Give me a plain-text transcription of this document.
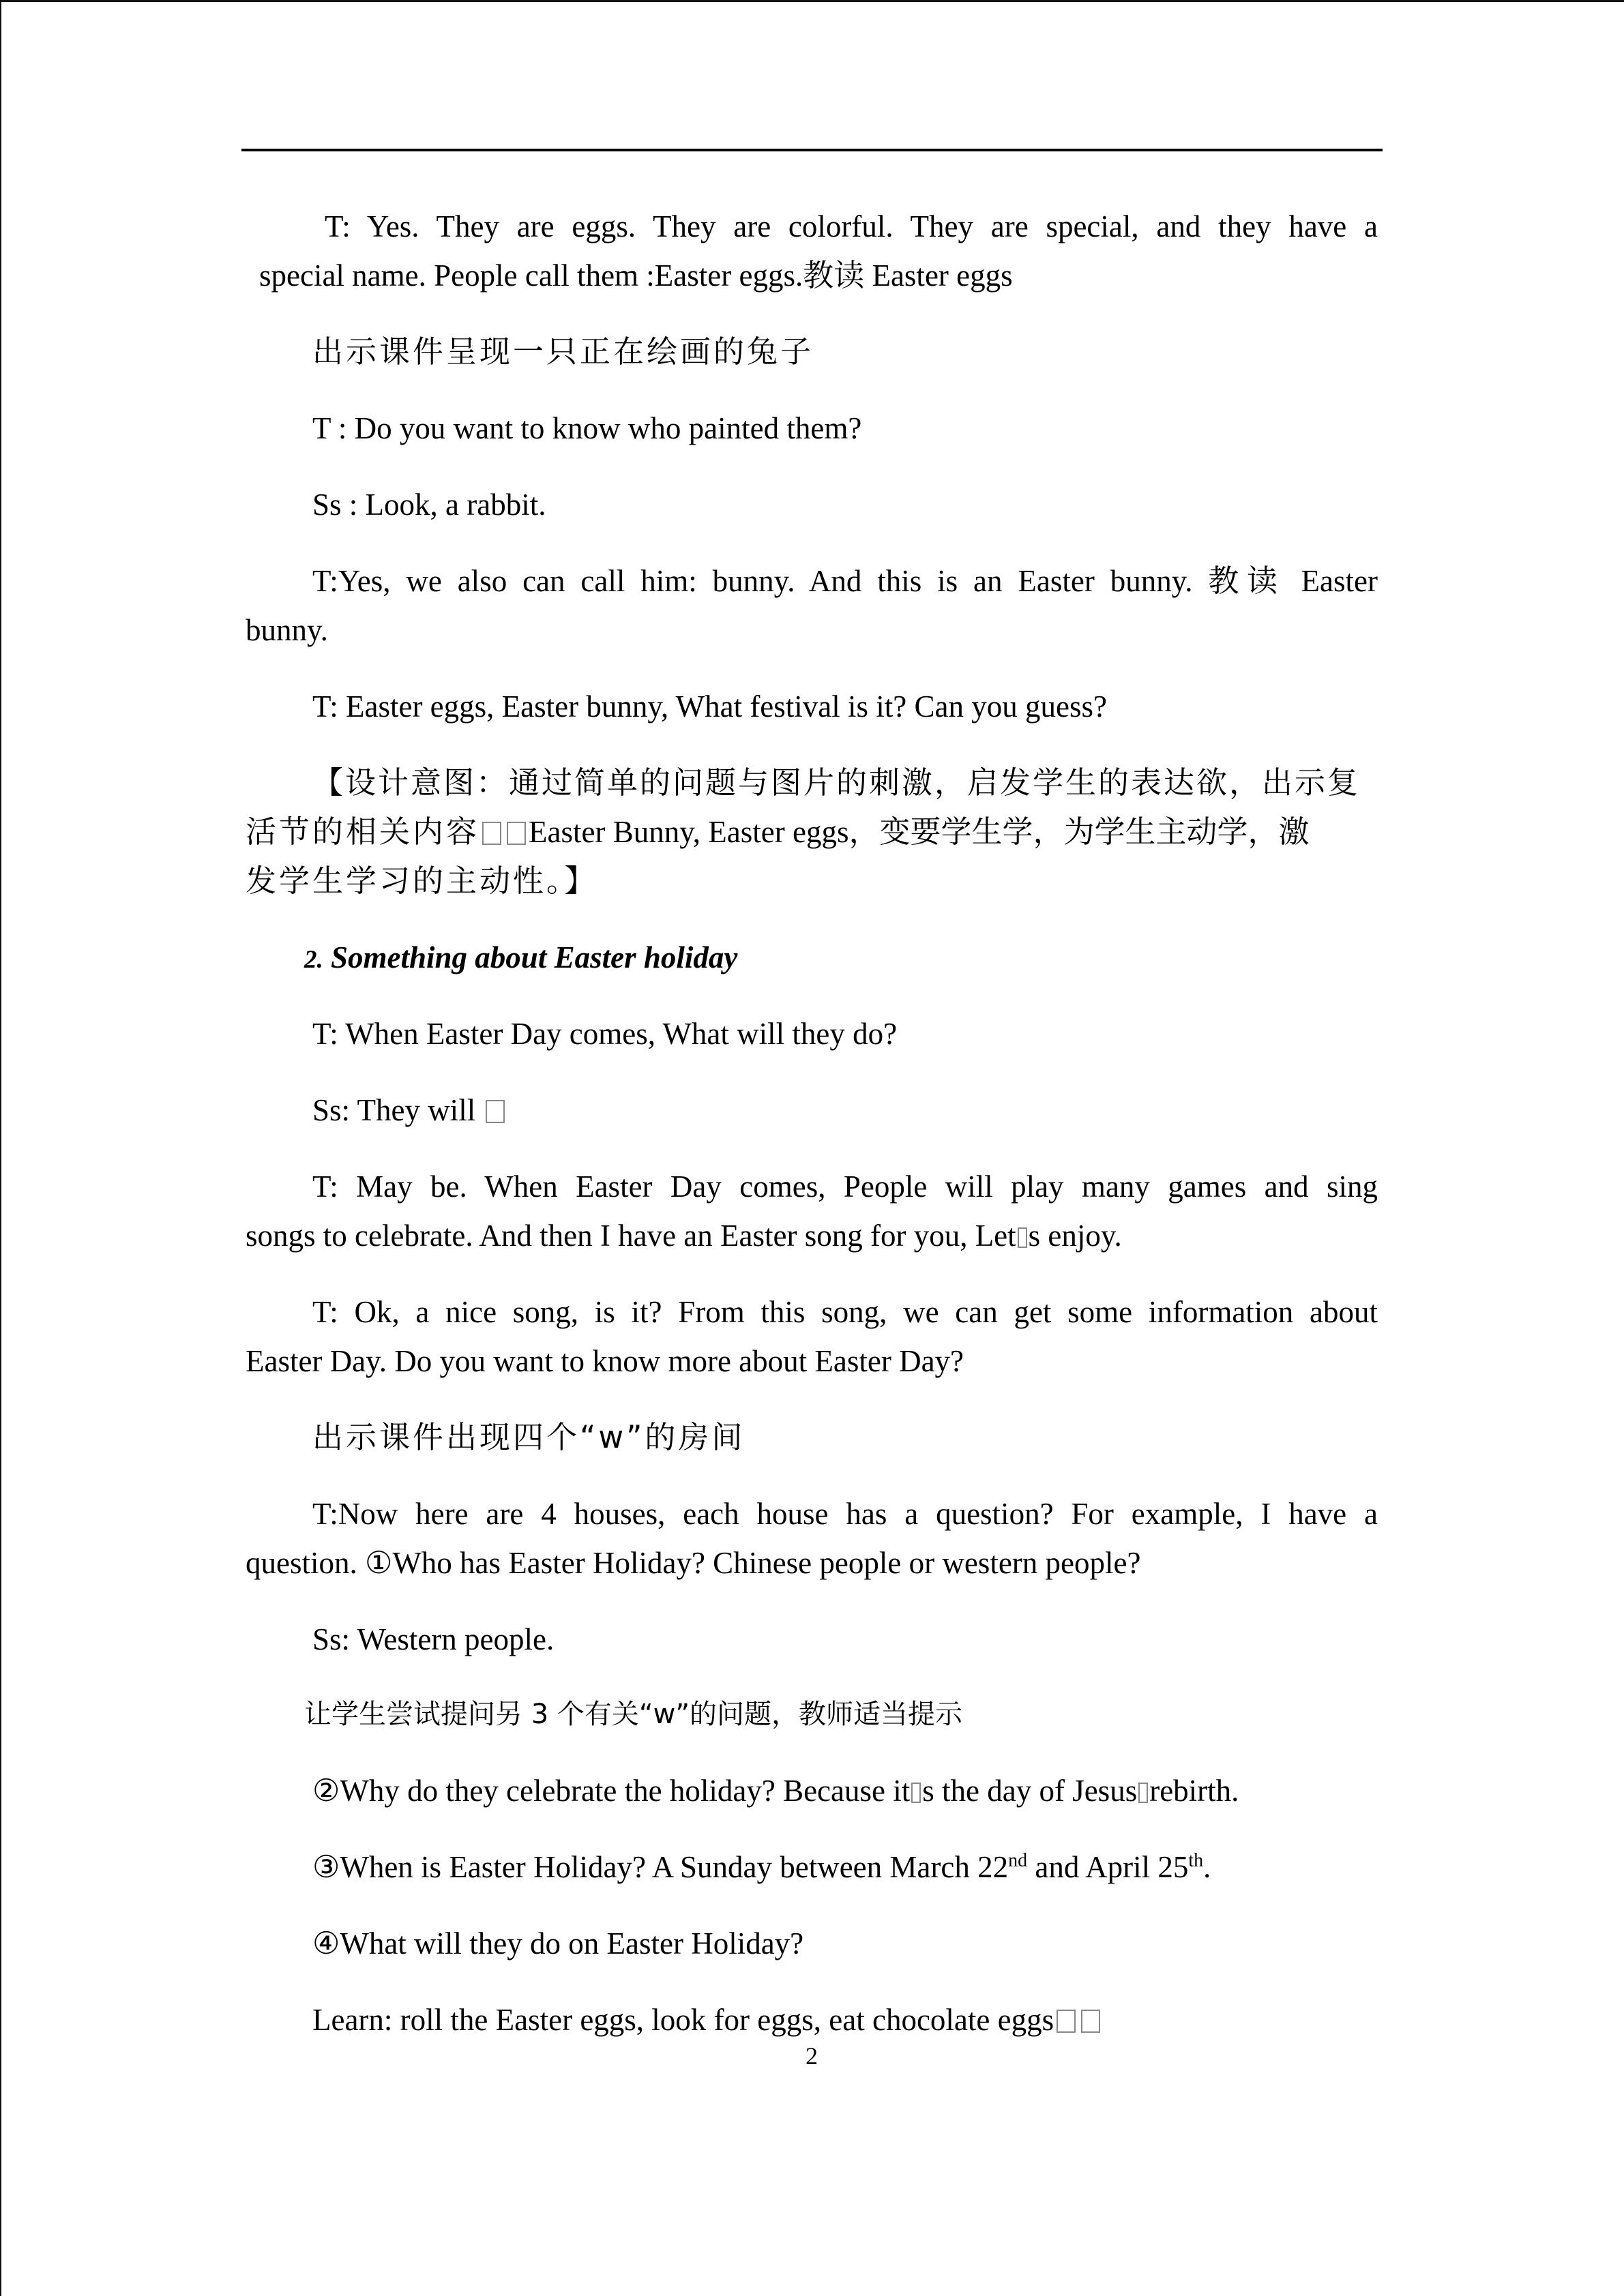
T: Yes. They are eggs. They are colorful. They are special, and they have a

special name. People call them :Easter eggs.教读 Easter eggs

出示课件呈现一只正在绘画的兔子

T : Do you want to know who painted them?

Ss : Look, a rabbit.

T:Yes, we also can call him: bunny. And this is an Easter bunny. 教读 Easter

bunny.

T: Easter eggs, Easter bunny, What festival is it? Can you guess?

【设计意图：通过简单的问题与图片的刺激，启发学生的表达欲，出示复

活节的相关内容 Easter Bunny, Easter eggs，变要学生学，为学生主动学，激

发学生学习的主动性。】

2. Something about Easter holiday

T: When Easter Day comes, What will they do?

Ss: They will

T: May be. When Easter Day comes, People will play many games and sing

songs to celebrate. And then I have an Easter song for you, Let s enjoy.

T: Ok, a nice song, is it? From this song, we can get some information about

Easter Day. Do you want to know more about Easter Day?

出示课件出现四个“w”的房间

T:Now here are 4 houses, each house has a question? For example, I have a

question. ①Who has Easter Holiday? Chinese people or western people?

Ss: Western people.

让学生尝试提问另 3 个有关“w”的问题，教师适当提示

②Why do they celebrate the holiday? Because it s the day of Jesus rebirth.

③When is Easter Holiday? A Sunday between March 22nd and April 25th.

④What will they do on Easter Holiday?

Learn: roll the Easter eggs, look for eggs, eat chocolate eggs

2
